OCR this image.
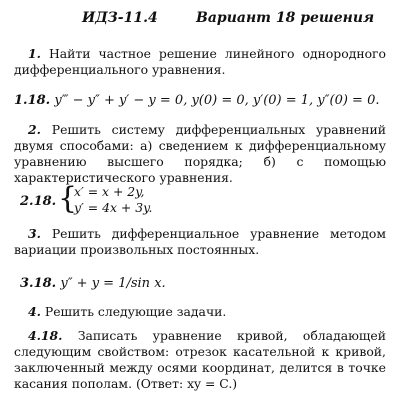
ИДЗ-11.4	Вариант 18 решения

1. Найти частное решение линейного однородного дифференциального уравнения.

1.18. y‴ − y″ + y′ − y = 0, y(0) = 0, y′(0) = 1, y″(0) = 0.

2. Решить систему дифференциальных уравнений двумя способами: а) сведением к дифференциальному уравнению высшего порядка; б) с помощью характеристического уравнения.

2.18. {
x′ = x + 2y,
y′ = 4x + 3y.

3. Решить дифференциальное уравнение методом вариации произвольных постоянных.

3.18. y″ + y = 1/sin x.

4. Решить следующие задачи.

4.18. Записать уравнение кривой, обладающей следующим свойством: отрезок касательной к кривой, заключенный между осями координат, делится в точке касания пополам. (Ответ: xy = C.)
